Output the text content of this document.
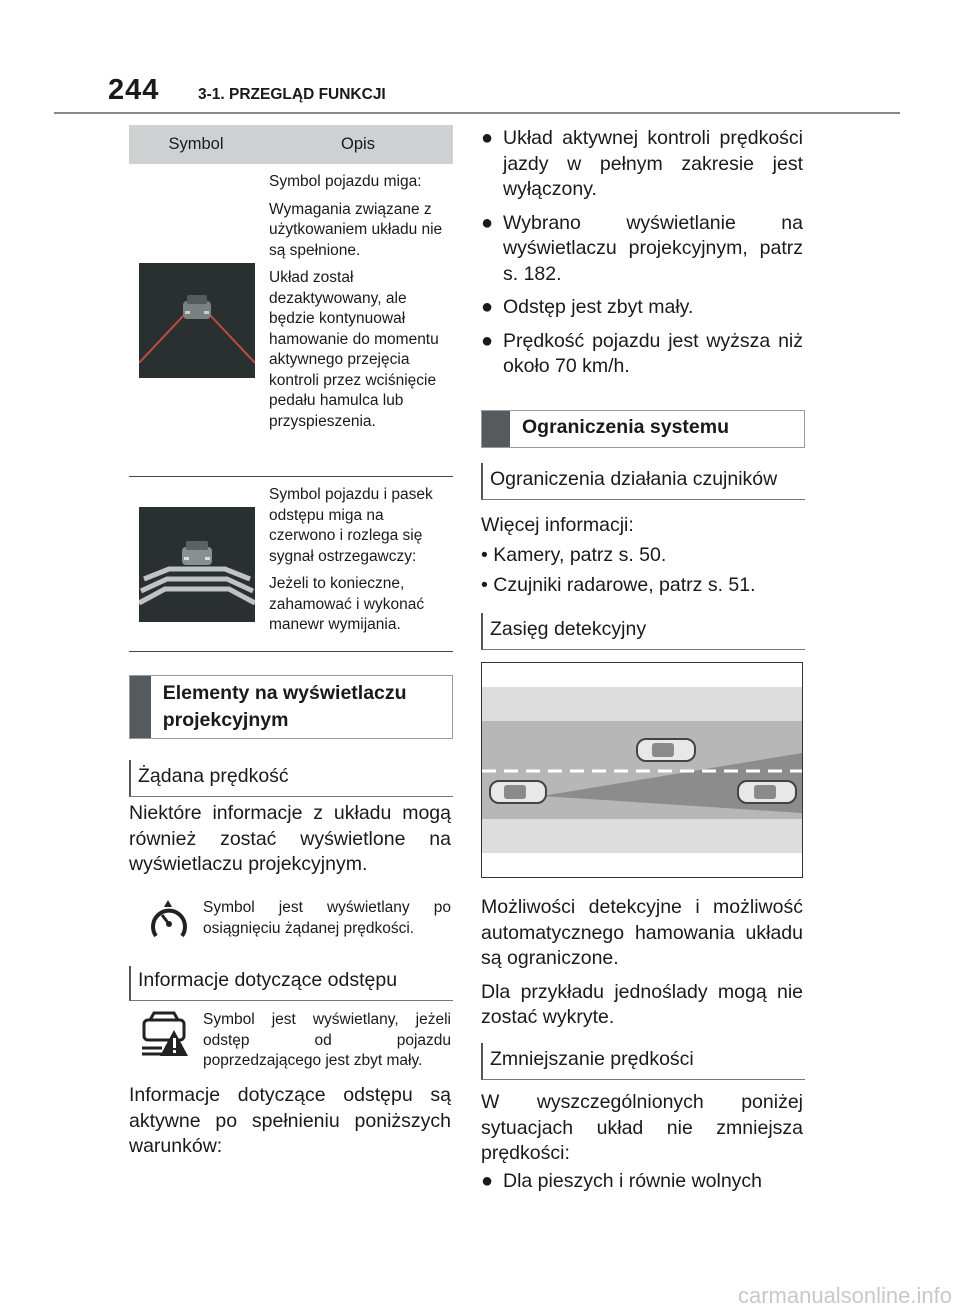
244 3-1. PRZEGLĄD FUNKCJI
Symbol	Opis

Symbol pojazdu miga:

Wymagania związane z użytkowaniem układu nie są spełnione.

Układ został dezaktywowany, ale będzie kontynuował hamowanie do momentu aktywnego przejęcia kontroli przez wciśnięcie pedału hamulca lub przyspieszenia.

Symbol pojazdu i pasek odstępu miga na czerwono i rozlega się sygnał ostrzegawczy:

Jeżeli to konieczne, zahamować i wykonać manewr wymijania.

Elementy na wyświetlaczu projekcyjnym
Żądana prędkość

Niektóre informacje z układu mogą również zostać wyświetlone na wyświetlaczu projekcyjnym.

Symbol jest wyświetlany po osiągnięciu żądanej prędkości.
Informacje dotyczące odstępu
Symbol jest wyświetlany, jeżeli odstęp od pojazdu poprzedzającego jest zbyt mały.

Informacje dotyczące odstępu są aktywne po spełnieniu poniższych warunków:

● Układ aktywnej kontroli prędkości jazdy w pełnym zakresie jest wyłączony.
● Wybrano wyświetlanie na wyświetlaczu projekcyjnym, patrz s. 182.
● Odstęp jest zbyt mały.
● Prędkość pojazdu jest wyższa niż około 70 km/h.
Ograniczenia systemu
Ograniczenia działania czujników

Więcej informacji:

• Kamery, patrz s. 50.

• Czujniki radarowe, patrz s. 51.

Zasięg detekcyjny

Możliwości detekcyjne i możliwość automatycznego hamowania układu są ograniczone.

Dla przykładu jednoślady mogą nie zostać wykryte.

Zmniejszanie prędkości

W wyszczególnionych poniżej sytuacjach układ nie zmniejsza prędkości:

● Dla pieszych i równie wolnych
carmanualsonline.info
